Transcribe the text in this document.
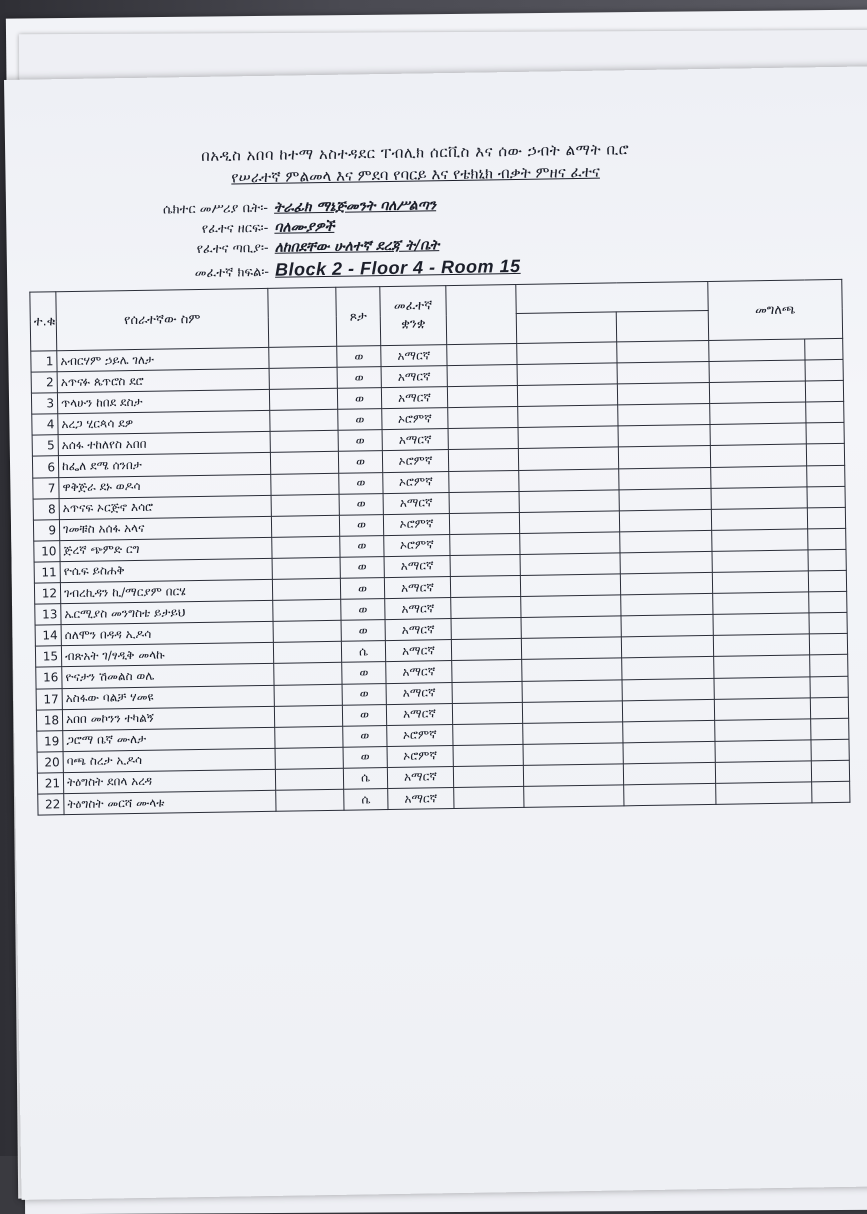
በአዲስ አበባ ከተማ አስተዳደር ፐብሊክ ሰርቪስ እና ሰው ኃብት ልማት ቢሮ
የሠራተኛ ምልመላ እና ምደባ የባርይ እና የቴክኒክ ብቃት ምዘና ፈተና
ሴክተር መሥሪያ ቤት፡- ትራፊክ ማኔጅመንት ባለሥልጣን
የፈተና ዘርፍ፡- ባለሙያዎች
የፈተና ጣቢያ፡- ለከበደቸው ሁለተኛ ደረጃ ት/ቤት
መፈተኛ ክፍል፡- Block 2 - Floor 4 - Room 15
ተ.ቁ	የሰራተኛው ስም		ጾታ	መፈተኛ ቋንቋ				መግለጫ	

1	አብርሃም ኃይሌ ገለታ		ወ	አማርኛ					
2	አጥናፉ ጴጥሮስ ደሮ		ወ	አማርኛ					
3	ጥላሁን ከበደ ደስታ		ወ	አማርኛ					
4	አረጋ ሂርጳሳ ደዎ		ወ	ኦሮምኛ					
5	አሰፋ ተከለየስ አበበ		ወ	አማርኛ					
6	ከፌለ ደሜ ሰንበታ		ወ	ኦሮምኛ					
7	ዋቅጅራ ደኑ ወዶሳ		ወ	ኦሮምኛ					
8	አጥናፍ ኦርጅኖ እሳሮ		ወ	አማርኛ					
9	ገመቹስ አሰፋ አላና		ወ	ኦሮምኛ					
10	ጅረኛ ጭምድ ርግ		ወ	ኦሮምኛ					
11	ዮሴፍ ይስሐቅ		ወ	አማርኛ					
12	ገብረኪዳን ኪ/ማርያም በርሄ		ወ	አማርኛ					
13	ኤርሚያስ መንግስቴ ይታይህ		ወ	አማርኛ					
14	ሰለሞን በዳዳ ኢዶሳ		ወ	አማርኛ					
15	ብጽአት ገ/ፃዲቅ መላኩ		ሴ	አማርኛ					
16	ዮናታን ሽመልስ ወሌ		ወ	አማርኛ					
17	አስፋው ባልቻ ሃመዩ		ወ	አማርኛ					
18	አበበ መኮንን ተካልኝ		ወ	አማርኛ					
19	ጋሮማ ቤኛ ሙለታ		ወ	ኦሮምኛ					
20	ባጫ ስረታ ኢዶሳ		ወ	ኦሮምኛ					
21	ትዕግስት ደበላ አረዳ		ሴ	አማርኛ					
22	ትዕግስት መርሻ ሙላቱ		ሴ	አማርኛ					
